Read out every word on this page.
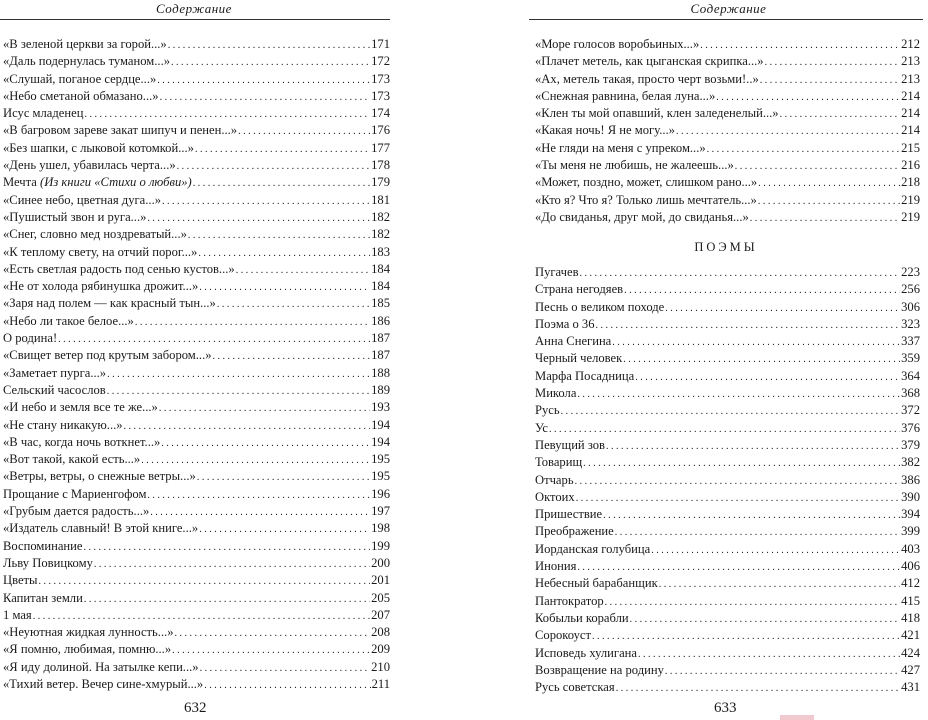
Содержание
«В зеленой церкви за горой...» . . .	171
«Даль подернулась туманом...» . . .	172
«Слушай, поганое сердце...» . . .	173
«Небо сметаной обмазано...» . . .	173
Исус младенец . . .	174
«В багровом зареве закат шипуч и пенен...» . . .	176
«Без шапки, с лыковой котомкой...» . . .	177
«День ушел, убавилась черта...» . . .	178
Мечта (Из книги «Стихи о любви») . . .	179
«Синее небо, цветная дуга...» . . .	181
«Пушистый звон и руга...» . . .	182
«Снег, словно мед ноздреватый...» . . .	182
«К теплому свету, на отчий порог...» . . .	183
«Есть светлая радость под сенью кустов...» . . .	184
«Не от холода рябинушка дрожит...» . . .	184
«Заря над полем — как красный тын...» . . .	185
«Небо ли такое белое...» . . .	186
О родина! . . .	187
«Свищет ветер под крутым забором...» . . .	187
«Заметает пурга...» . . .	188
Сельский часослов . . .	189
«И небо и земля все те же...» . . .	193
«Не стану никакую...» . . .	194
«В час, когда ночь воткнет...» . . .	194
«Вот такой, какой есть...» . . .	195
«Ветры, ветры, о снежные ветры...» . . .	195
Прощание с Мариенгофом . . .	196
«Грубым дается радость...» . . .	197
«Издатель славный! В этой книге...» . . .	198
Воспоминание . . .	199
Льву Повицкому . . .	200
Цветы . . .	201
Капитан земли . . .	205
1 мая . . .	207
«Неуютная жидкая лунность...» . . .	208
«Я помню, любимая, помню...» . . .	209
«Я иду долиной. На затылке кепи...» . . .	210
«Тихий ветер. Вечер сине-хмурый...» . . .	211
632
Содержание
«Море голосов воробьиных...» . . .	212
«Плачет метель, как цыганская скрипка...» . . .	213
«Ах, метель такая, просто черт возьми!..» . . .	213
«Снежная равнина, белая луна...» . . .	214
«Клен ты мой опавший, клен заледенелый...» . . .	214
«Какая ночь! Я не могу...» . . .	214
«Не гляди на меня с упреком...» . . .	215
«Ты меня не любишь, не жалеешь...» . . .	216
«Может, поздно, может, слишком рано...» . . .	218
«Кто я? Что я? Только лишь мечтатель...» . . .	219
«До свиданья, друг мой, до свиданья...» . . .	219
ПОЭМЫ
Пугачев . . .	223
Страна негодяев . . .	256
Песнь о великом походе . . .	306
Поэма о 36 . . .	323
Анна Снегина . . .	337
Черный человек . . .	359
Марфа Посадница . . .	364
Микола . . .	368
Русь . . .	372
Ус . . .	376
Певущий зов . . .	379
Товарищ . . .	382
Отчарь . . .	386
Октоих . . .	390
Пришествие . . .	394
Преображение . . .	399
Иорданская голубица . . .	403
Инония . . .	406
Небесный барабанщик . . .	412
Пантократор . . .	415
Кобыльи корабли . . .	418
Сорокоуст . . .	421
Исповедь хулигана . . .	424
Возвращение на родину . . .	427
Русь советская . . .	431
633
